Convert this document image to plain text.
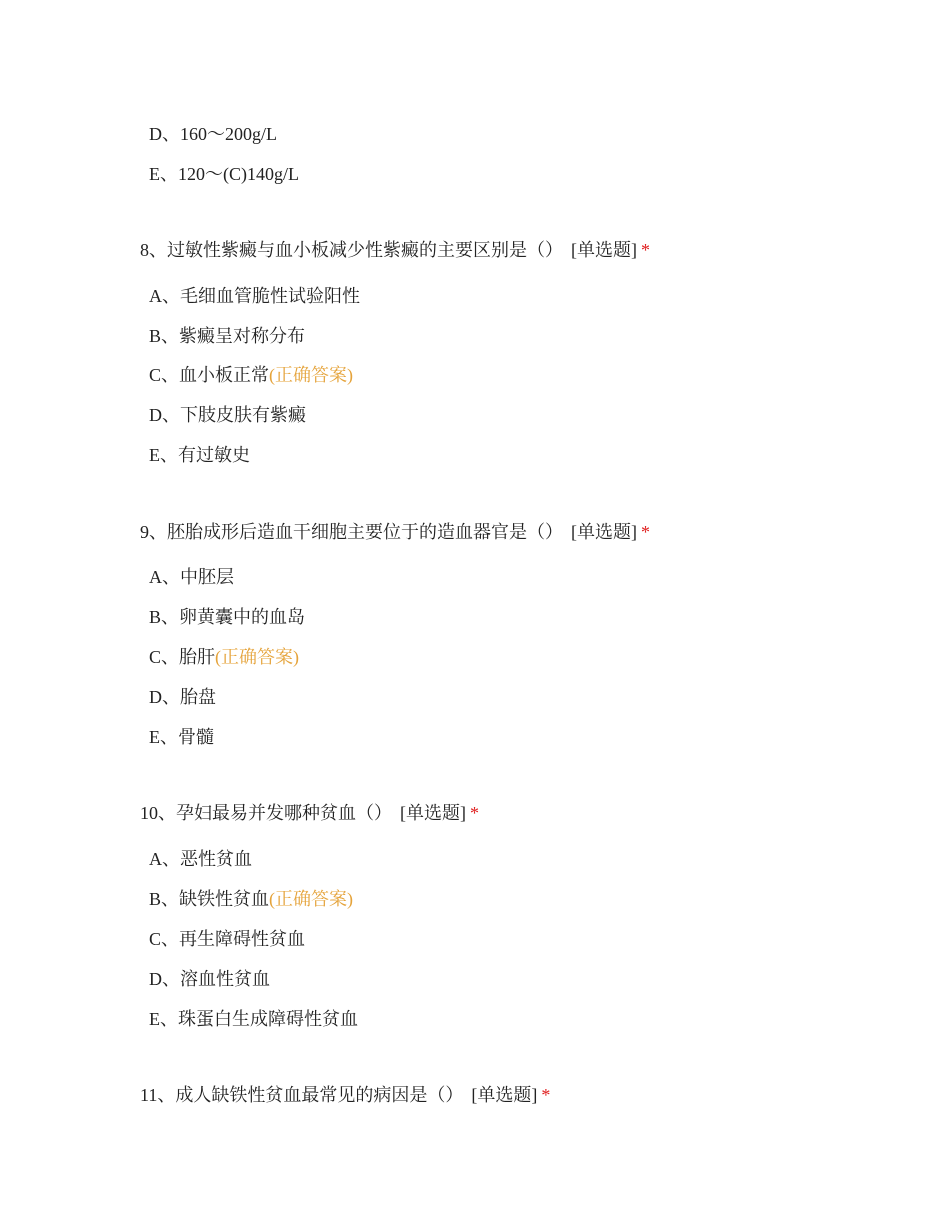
D、160～200g/L
E、120～(C)140g/L
8、过敏性紫癜与血小板减少性紫癜的主要区别是（） [单选题] *
A、毛细血管脆性试验阳性
B、紫癜呈对称分布
C、血小板正常(正确答案)
D、下肢皮肤有紫癜
E、有过敏史
9、胚胎成形后造血干细胞主要位于的造血器官是（） [单选题] *
A、中胚层
B、卵黄囊中的血岛
C、胎肝(正确答案)
D、胎盘
E、骨髓
10、孕妇最易并发哪种贫血（） [单选题] *
A、恶性贫血
B、缺铁性贫血(正确答案)
C、再生障碍性贫血
D、溶血性贫血
E、珠蛋白生成障碍性贫血
11、成人缺铁性贫血最常见的病因是（） [单选题] *
